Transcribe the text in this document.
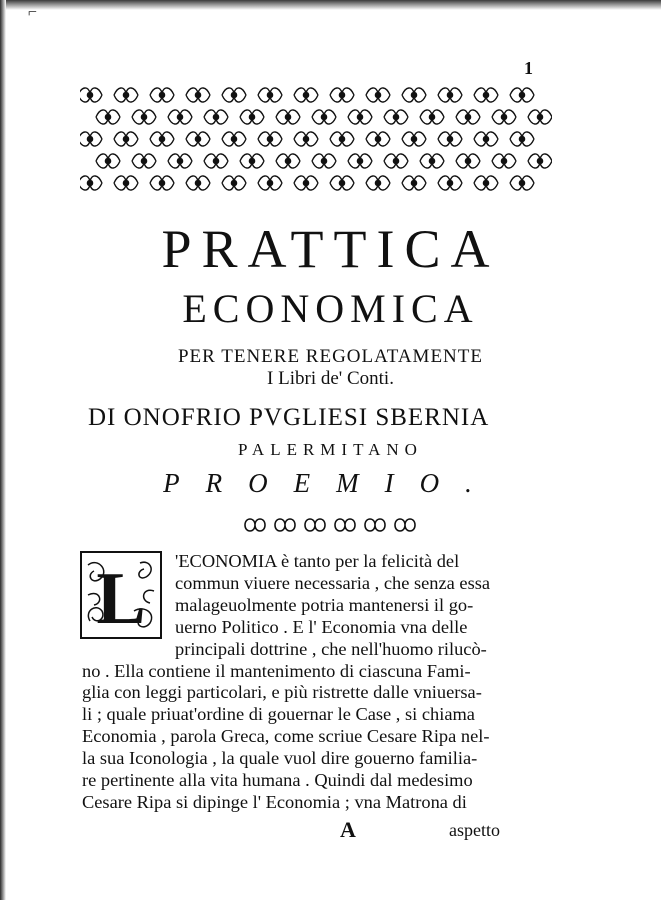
⌐
1
PRATTICA
ECONOMICA
PER TENERE REGOLATAMENTE
I Libri de' Conti.
DI ONOFRIO PVGLIESI SBERNIA
PALERMITANO
PROEMIO.
L	'ECONOMIA è tanto per la felicità del
commun viuere necessaria , che senza essa
malageuolmente potria mantenersi il go-
uerno Politico . E l' Economia vna delle
principali dottrine , che nell'huomo rilucò-
no . Ella contiene il mantenimento di ciascuna Fami-
glia con leggi particolari, e più ristrette dalle vniuersa-
li ; quale priuat'ordine di gouernar le Case , si chiama
Economia , parola Greca, come scriue Cesare Ripa nel-
la sua Iconologia , la quale vuol dire gouerno familia-
re pertinente alla vita humana . Quindi dal medesimo
Cesare Ripa si dipinge l' Economia ; vna Matrona di
A	aspetto
